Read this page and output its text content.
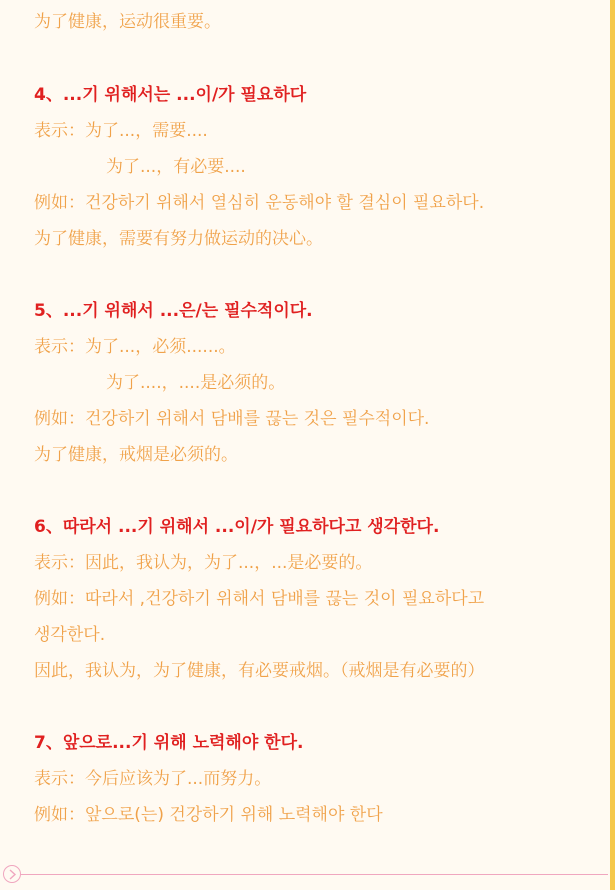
为了健康，运动很重要。
4、...기 위해서는 ...이/가 필요하다
表示：为了...，需要....
为了...，有必要....
例如：건강하기 위해서 열심히 운동해야 할 결심이 필요하다.
为了健康，需要有努力做运动的决心。
5、...기 위해서 ...은/는 필수적이다.
表示：为了...，必须......。
为了....，....是必须的。
例如：건강하기 위해서 담배를 끊는 것은 필수적이다.
为了健康，戒烟是必须的。
6、따라서 ...기 위해서 ...이/가 필요하다고 생각한다.
表示：因此，我认为，为了...，...是必要的。
例如：따라서 ,건강하기 위해서 담배를 끊는 것이 필요하다고
생각한다.
因此，我认为，为了健康，有必要戒烟。（戒烟是有必要的）
7、앞으로...기 위해 노력해야 한다.
表示：今后应该为了...而努力。
例如：앞으로(는) 건강하기 위해 노력해야 한다
